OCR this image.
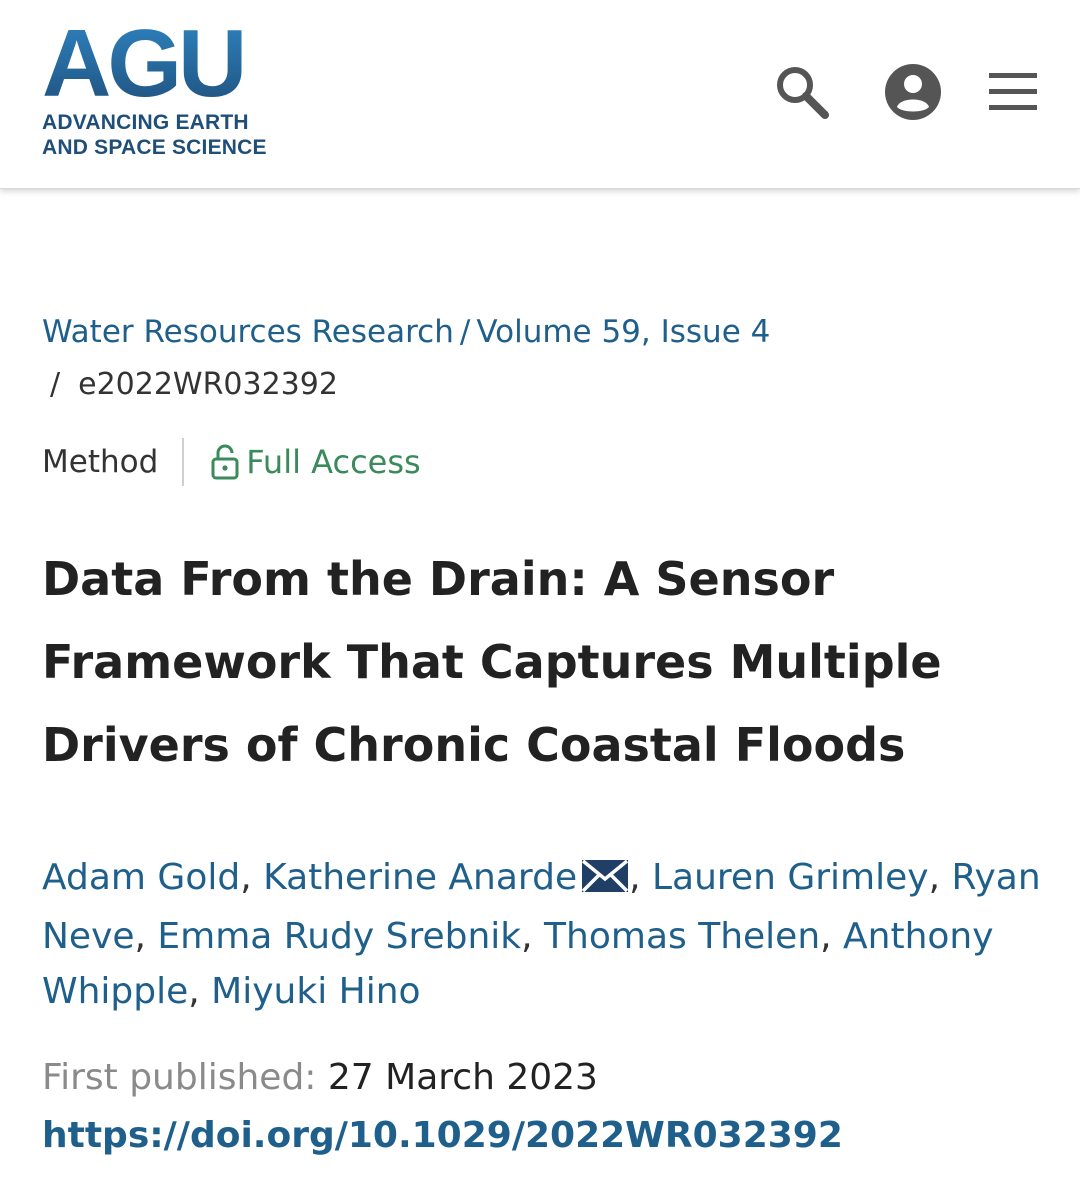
AGU
ADVANCING EARTH
AND SPACE SCIENCE
Water Resources Research / Volume 59, Issue 4
/ e2022WR032392
Method	Full Access
Data From the Drain: A Sensor Framework That Captures Multiple Drivers of Chronic Coastal Floods
Adam Gold, Katherine Anarde , Lauren Grimley, Ryan Neve, Emma Rudy Srebnik, Thomas Thelen, Anthony Whipple, Miyuki Hino
First published: 27 March 2023
https://doi.org/10.1029/2022WR032392
